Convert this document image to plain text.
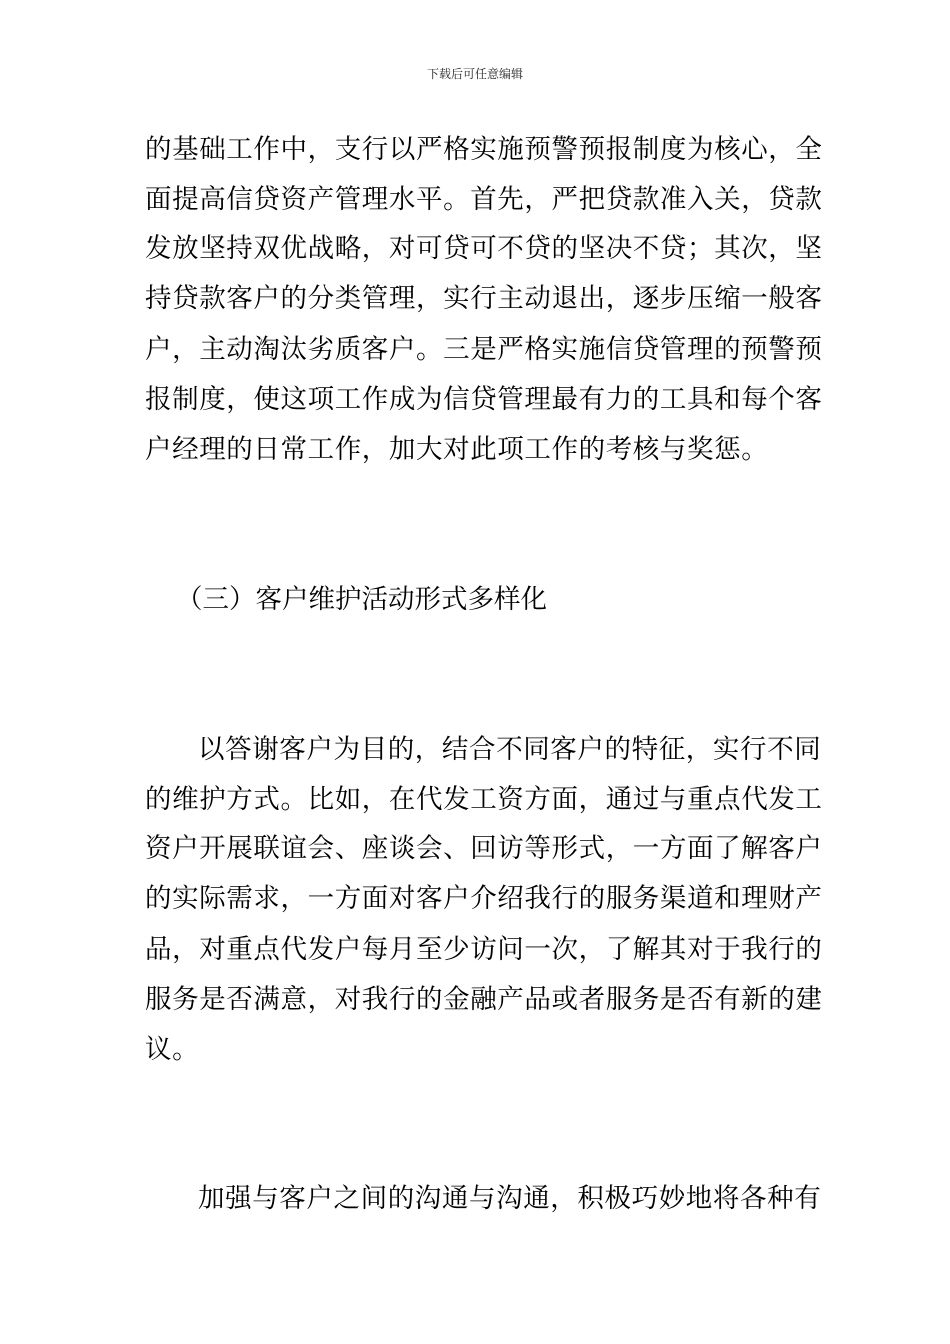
下载后可任意编辑
的基础工作中，支行以严格实施预警预报制度为核心，全
面提高信贷资产管理水平。首先，严把贷款准入关，贷款
发放坚持双优战略，对可贷可不贷的坚决不贷；其次，坚
持贷款客户的分类管理，实行主动退出，逐步压缩一般客
户，主动淘汰劣质客户。三是严格实施信贷管理的预警预
报制度，使这项工作成为信贷管理最有力的工具和每个客
户经理的日常工作，加大对此项工作的考核与奖惩。
（三）客户维护活动形式多样化
以答谢客户为目的，结合不同客户的特征，实行不同
的维护方式。比如，在代发工资方面，通过与重点代发工
资户开展联谊会、座谈会、回访等形式，一方面了解客户
的实际需求，一方面对客户介绍我行的服务渠道和理财产
品，对重点代发户每月至少访问一次，了解其对于我行的
服务是否满意，对我行的金融产品或者服务是否有新的建
议。
加强与客户之间的沟通与沟通，积极巧妙地将各种有
